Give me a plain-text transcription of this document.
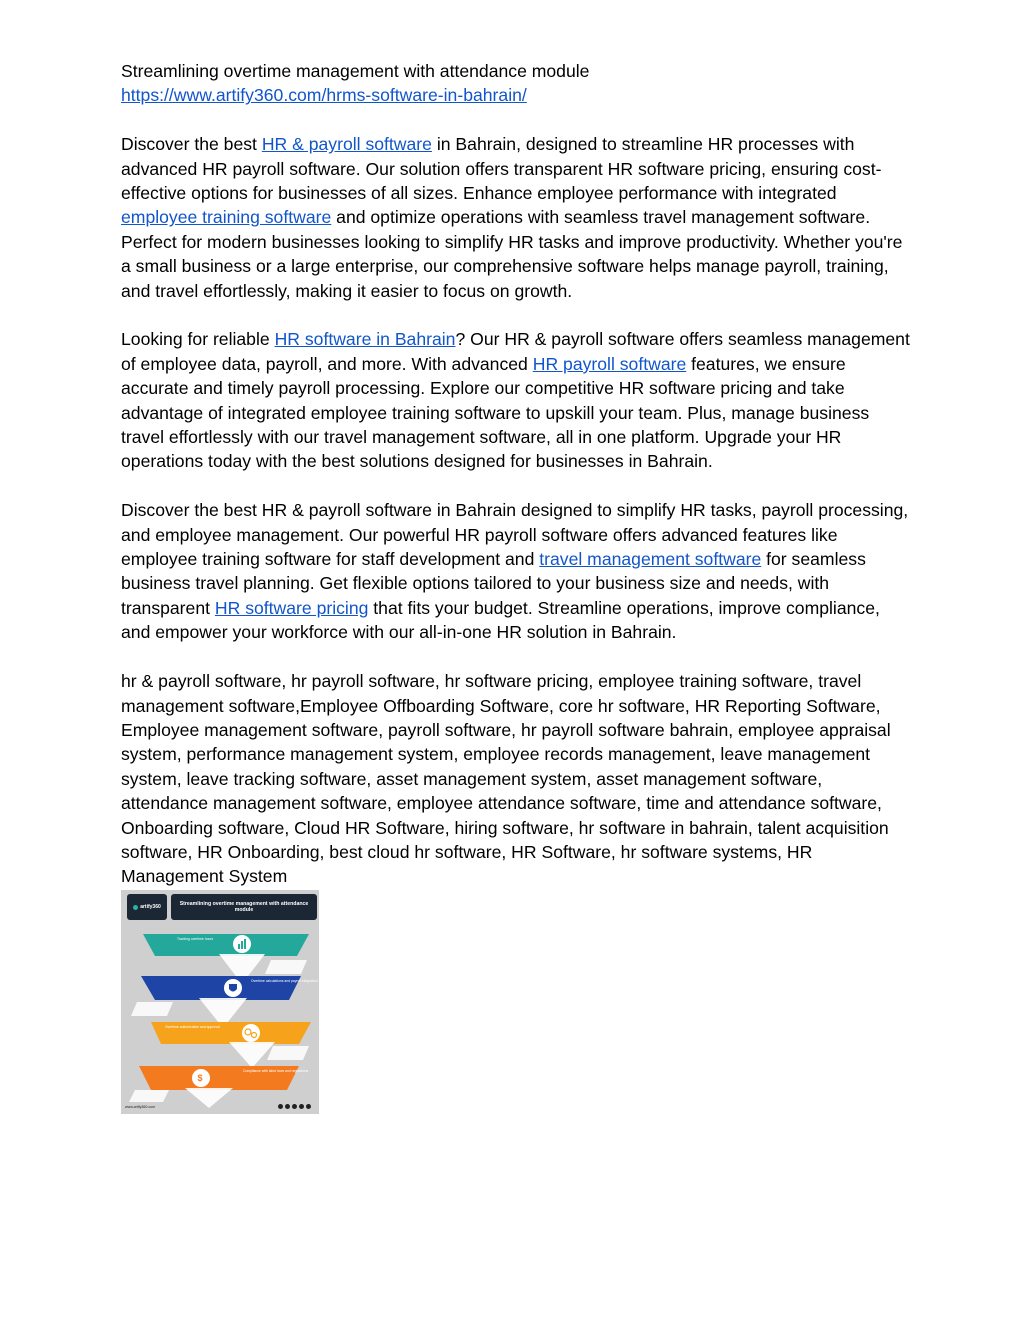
Streamlining overtime management with attendance module

https://www.artify360.com/hrms-software-in-bahrain/

Discover the best HR & payroll software in Bahrain, designed to streamline HR processes with advanced HR payroll software. Our solution offers transparent HR software pricing, ensuring cost-effective options for businesses of all sizes. Enhance employee performance with integrated employee training software and optimize operations with seamless travel management software. Perfect for modern businesses looking to simplify HR tasks and improve productivity. Whether you're a small business or a large enterprise, our comprehensive software helps manage payroll, training, and travel effortlessly, making it easier to focus on growth.

Looking for reliable HR software in Bahrain? Our HR & payroll software offers seamless management of employee data, payroll, and more. With advanced HR payroll software features, we ensure accurate and timely payroll processing. Explore our competitive HR software pricing and take advantage of integrated employee training software to upskill your team. Plus, manage business travel effortlessly with our travel management software, all in one platform. Upgrade your HR operations today with the best solutions designed for businesses in Bahrain.

Discover the best HR & payroll software in Bahrain designed to simplify HR tasks, payroll processing, and employee management. Our powerful HR payroll software offers advanced features like employee training software for staff development and travel management software for seamless business travel planning. Get flexible options tailored to your business size and needs, with transparent HR software pricing that fits your budget. Streamline operations, improve compliance, and empower your workforce with our all-in-one HR solution in Bahrain.

hr & payroll software, hr payroll software, hr software pricing, employee training software, travel management software,Employee Offboarding Software, core hr software, HR Reporting Software, Employee management software, payroll software, hr payroll software bahrain, employee appraisal system, performance management system, employee records management, leave management system, leave tracking software, asset management system, asset management software, attendance management software, employee attendance software, time and attendance software, Onboarding software, Cloud HR Software, hiring software, hr software in bahrain, talent acquisition software, HR Onboarding, best cloud hr software, HR Software, hr software systems, HR Management System

artify360
Streamlining overtime management with attendance module
Tracking overtime hours
Overtime calculations and payroll integration
Overtime authorization and approval
$
Compliance with labor laws and regulations
www.artify360.com
